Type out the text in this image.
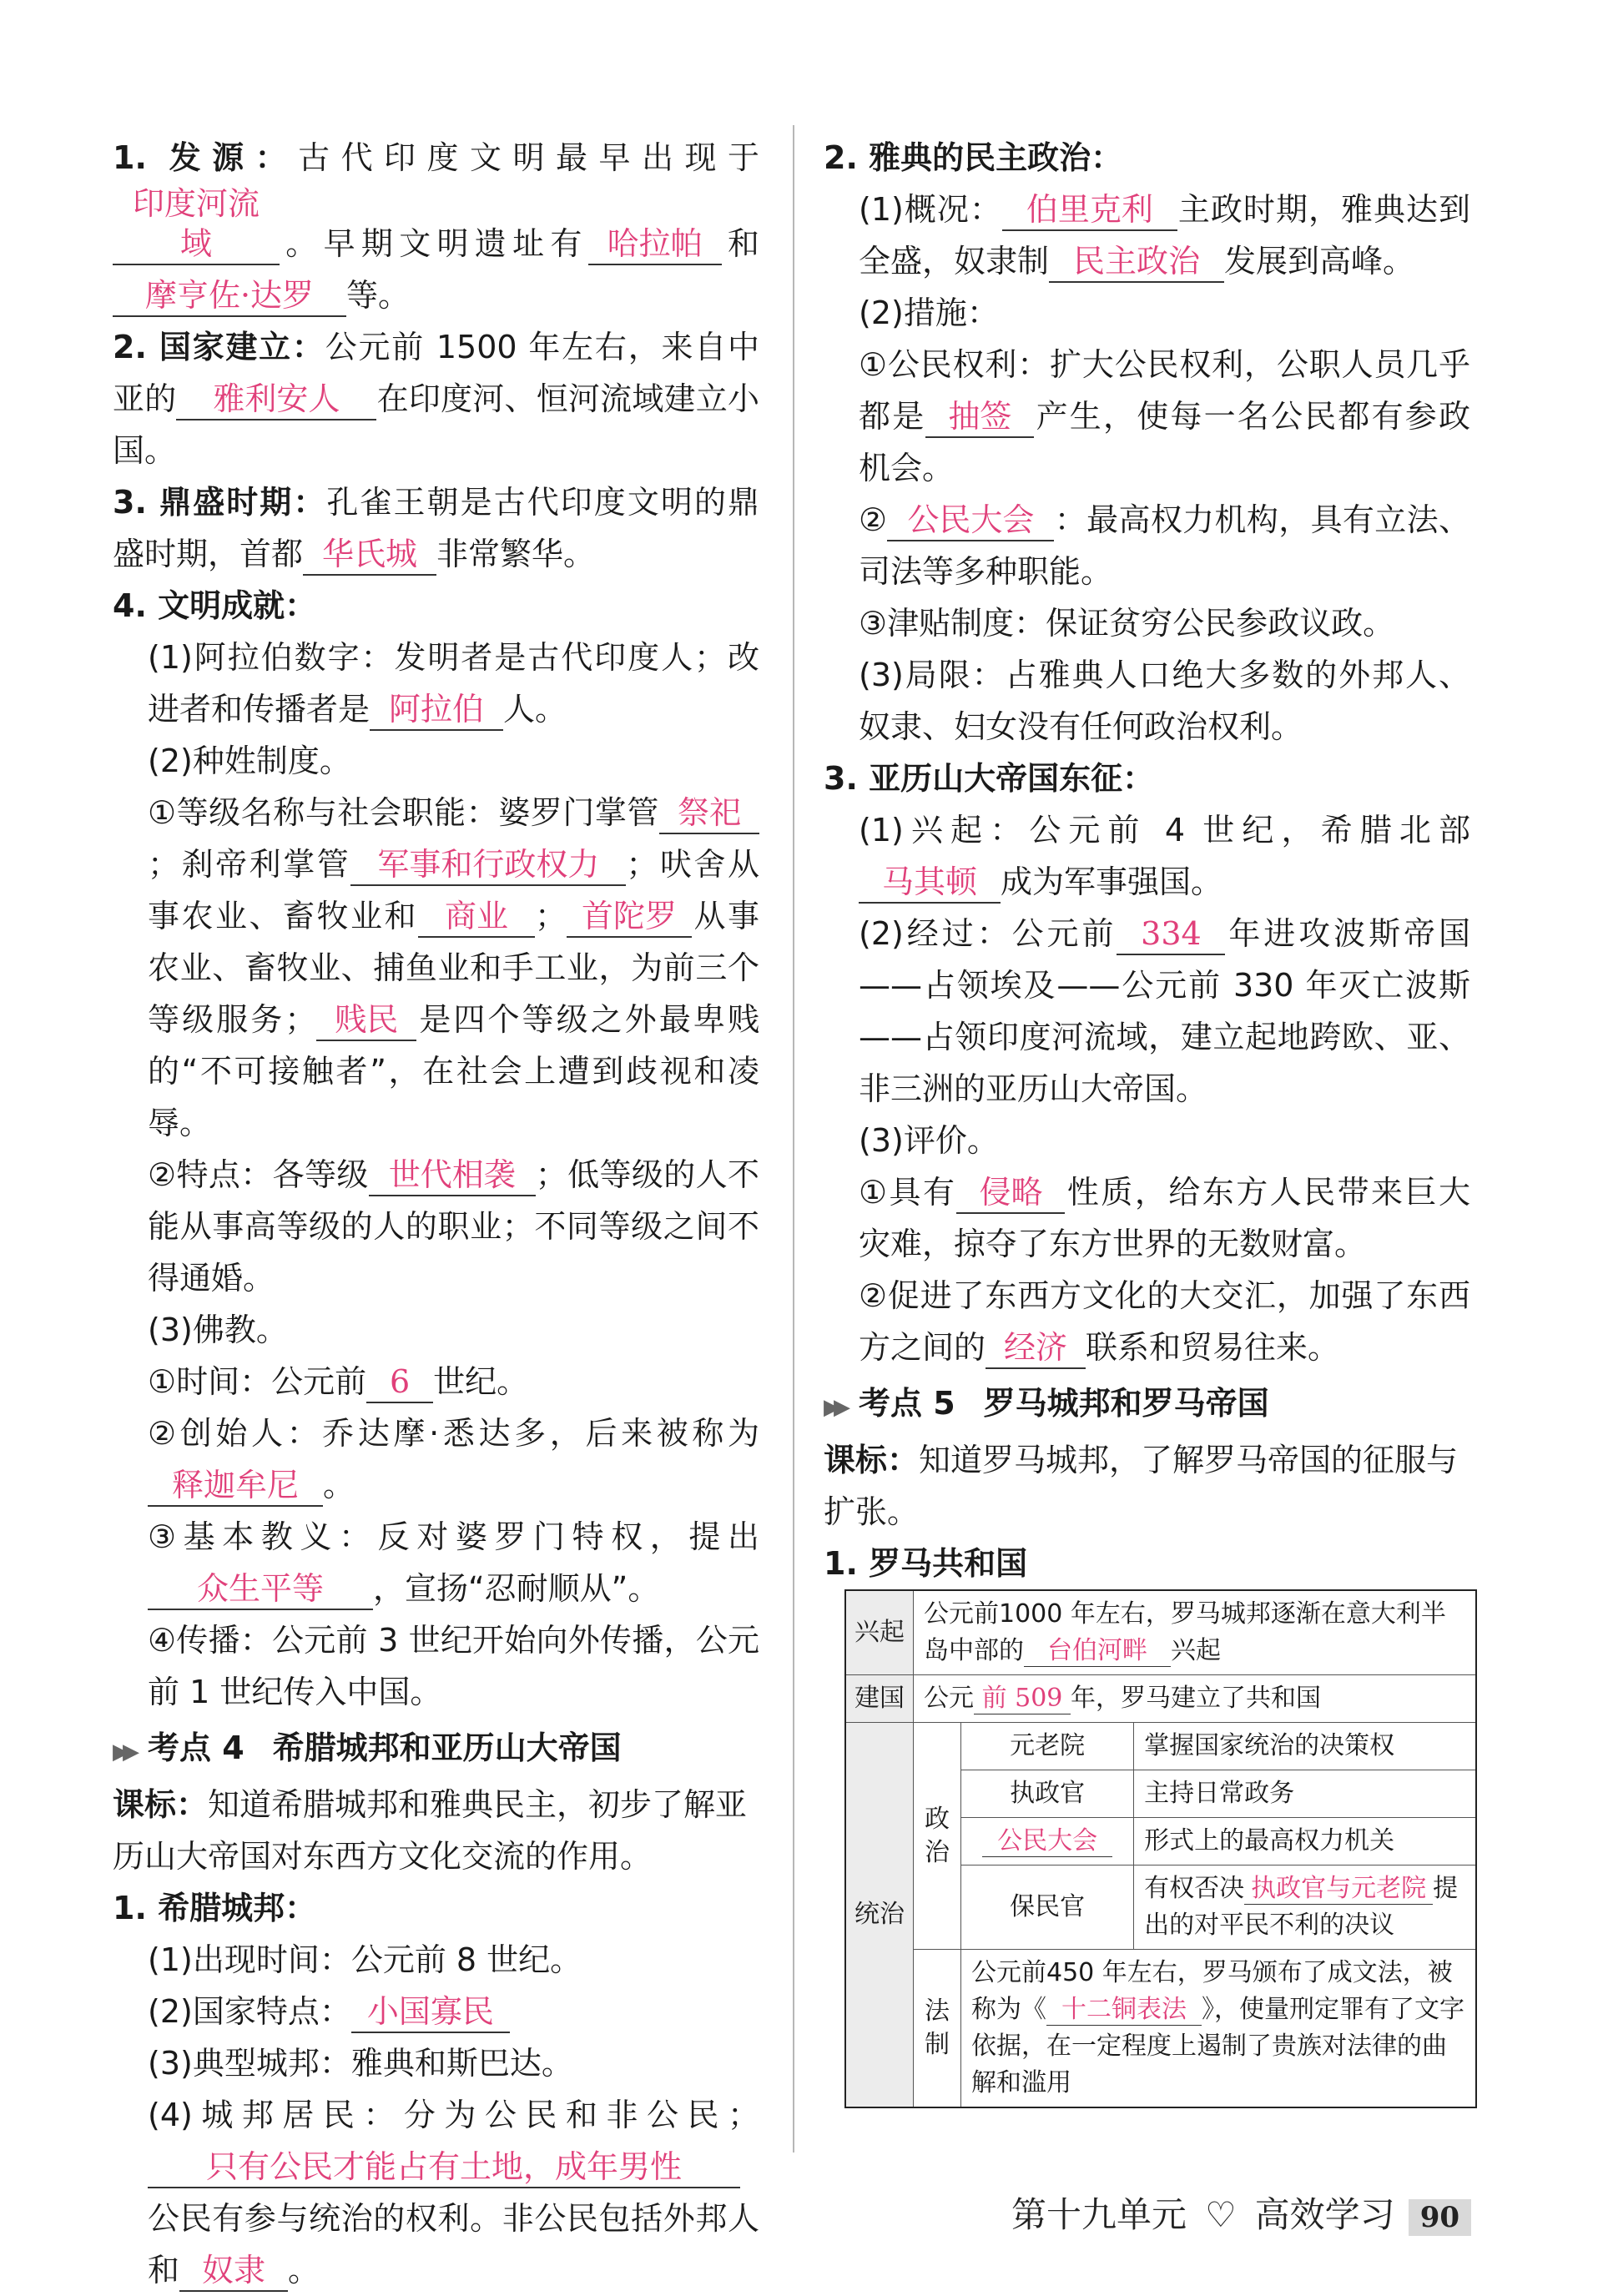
1. 发源：古代印度文明最早出现于印度河流域 。早期文明遗址有 哈拉帕 和摩亨佐·达罗 等。

2. 国家建立：公元前 1500 年左右，来自中亚的 雅利安人 在印度河、恒河流域建立小国。

3. 鼎盛时期：孔雀王朝是古代印度文明的鼎盛时期，首都 华氏城 非常繁华。

4. 文明成就：

(1)阿拉伯数字：发明者是古代印度人；改进者和传播者是 阿拉伯 人。

(2)种姓制度。

①等级名称与社会职能：婆罗门掌管 祭祀；刹帝利掌管 军事和行政权力 ；吠舍从事农业、畜牧业和 商业 ； 首陀罗 从事农业、畜牧业、捕鱼业和手工业，为前三个等级服务； 贱民 是四个等级之外最卑贱的“不可接触者”，在社会上遭到歧视和凌辱。

②特点：各等级 世代相袭 ；低等级的人不能从事高等级的人的职业；不同等级之间不得通婚。

(3)佛教。

①时间：公元前 6 世纪。

②创始人：乔达摩·悉达多，后来被称为释迦牟尼 。

③基本教义：反对婆罗门特权，提出众生平等 ，宣扬“忍耐顺从”。

④传播：公元前 3 世纪开始向外传播，公元前 1 世纪传入中国。

▶▶ 考点 4 希腊城邦和亚历山大帝国

课标：知道希腊城邦和雅典民主，初步了解亚历山大帝国对东西方文化交流的作用。

1. 希腊城邦：

(1)出现时间：公元前 8 世纪。

(2)国家特点： 小国寡民

(3)典型城邦：雅典和斯巴达。

(4)城邦居民：分为公民和非公民；只有公民才能占有土地，成年男性公民有参与统治的权利。非公民包括外邦人和 奴隶 。

2. 雅典的民主政治：

(1)概况： 伯里克利 主政时期，雅典达到全盛，奴隶制 民主政治 发展到高峰。

(2)措施：

①公民权利：扩大公民权利，公职人员几乎都是 抽签 产生，使每一名公民都有参政机会。

② 公民大会 ：最高权力机构，具有立法、司法等多种职能。

③津贴制度：保证贫穷公民参政议政。

(3)局限：占雅典人口绝大多数的外邦人、奴隶、妇女没有任何政治权利。

3. 亚历山大帝国东征：

(1)兴起：公元前 4 世纪，希腊北部马其顿 成为军事强国。

(2)经过：公元前 334 年进攻波斯帝国——占领埃及——公元前 330 年灭亡波斯——占领印度河流域，建立起地跨欧、亚、非三洲的亚历山大帝国。

(3)评价。

①具有 侵略 性质，给东方人民带来巨大灾难，掠夺了东方世界的无数财富。

②促进了东西方文化的大交汇，加强了东西方之间的 经济 联系和贸易往来。

▶▶ 考点 5 罗马城邦和罗马帝国

课标：知道罗马城邦，了解罗马帝国的征服与扩张。

1. 罗马共和国

兴起	公元前1000 年左右，罗马城邦逐渐在意大利半岛中部的 台伯河畔 兴起		
建国	公元 前 509 年，罗马建立了共和国		
统治	政治	元老院	掌握国家统治的决策权
		执政官	主持日常政务
		公民大会	形式上的最高权力机关
		保民官	有权否决 执政官与元老院 提出的对平民不利的决议
	法制	公元前450 年左右，罗马颁布了成文法，被称为《 十二铜表法 》，使量刑定罪有了文字依据，在一定程度上遏制了贵族对法律的曲解和滥用	
第十九单元 ♡ 高效学习 90
